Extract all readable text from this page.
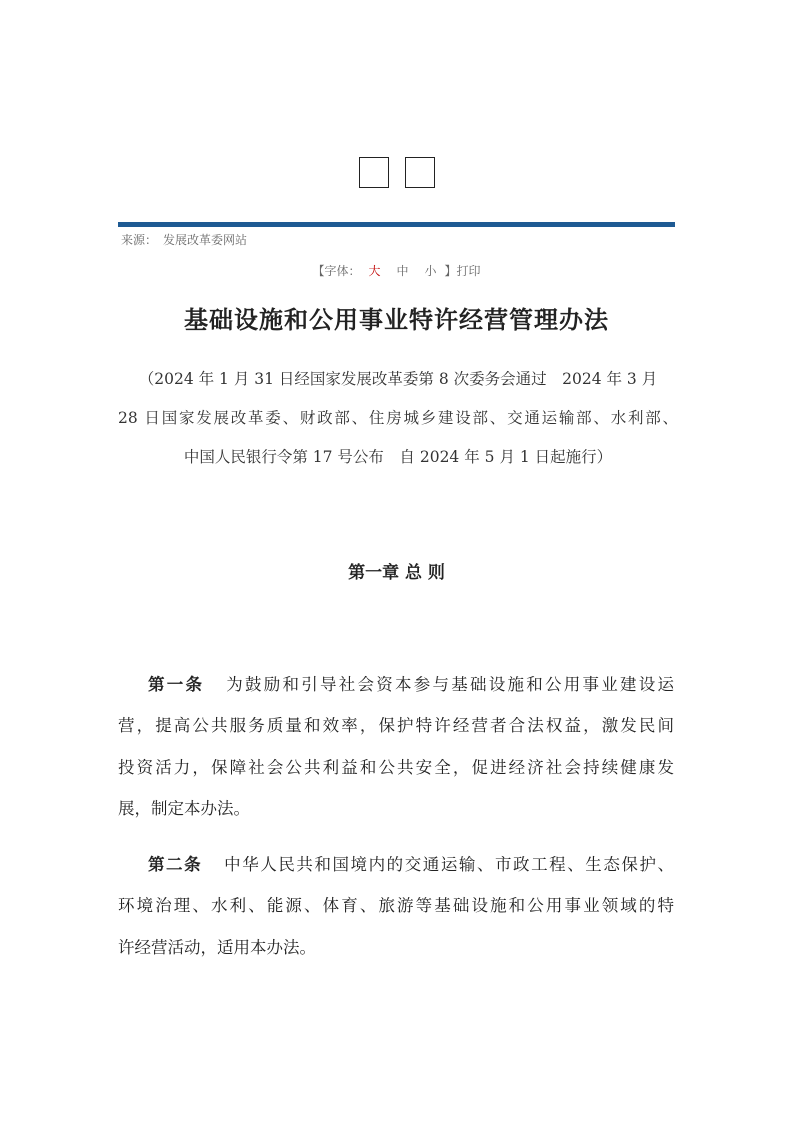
来源： 发展改革委网站
【字体： 大 中 小 】打印
基础设施和公用事业特许经营管理办法
（2024 年 1 月 31 日经国家发展改革委第 8 次委务会通过　2024 年 3 月
28 日国家发展改革委、财政部、住房城乡建设部、交通运输部、水利部、
中国人民银行令第 17 号公布　自 2024 年 5 月 1 日起施行）
第一章 总 则
第一条 为鼓励和引导社会资本参与基础设施和公用事业建设运
营，提高公共服务质量和效率，保护特许经营者合法权益，激发民间
投资活力，保障社会公共利益和公共安全，促进经济社会持续健康发
展，制定本办法。
第二条 中华人民共和国境内的交通运输、市政工程、生态保护、
环境治理、水利、能源、体育、旅游等基础设施和公用事业领域的特
许经营活动，适用本办法。
